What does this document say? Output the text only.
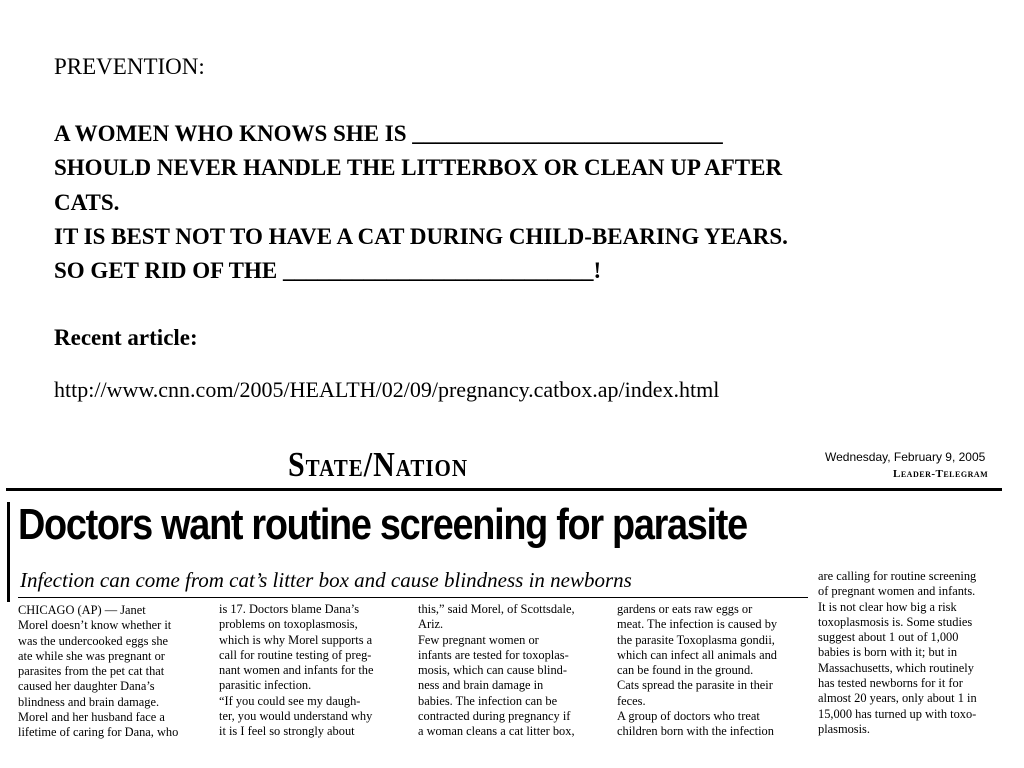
PREVENTION:
A WOMEN WHO KNOWS SHE IS ___________________________
SHOULD NEVER HANDLE THE LITTERBOX OR CLEAN UP AFTER
CATS.
IT IS BEST NOT TO HAVE A CAT DURING CHILD-BEARING YEARS.
SO GET RID OF THE ___________________________!
Recent article:
http://www.cnn.com/2005/HEALTH/02/09/pregnancy.catbox.ap/index.html
State/Nation	Wednesday, February 9, 2005
Leader-Telegram
Doctors want routine screening for parasite
Infection can come from cat’s litter box and cause blindness in newborns
CHICAGO (AP) — Janet
Morel doesn’t know whether it
was the undercooked eggs she
ate while she was pregnant or
parasites from the pet cat that
caused her daughter Dana’s
blindness and brain damage.
Morel and her husband face a
lifetime of caring for Dana, who
is 17. Doctors blame Dana’s
problems on toxoplasmosis,
which is why Morel supports a
call for routine testing of preg-
nant women and infants for the
parasitic infection.
“If you could see my daugh-
ter, you would understand why
it is I feel so strongly about
this,” said Morel, of Scottsdale,
Ariz.
Few pregnant women or
infants are tested for toxoplas-
mosis, which can cause blind-
ness and brain damage in
babies. The infection can be
contracted during pregnancy if
a woman cleans a cat litter box,
gardens or eats raw eggs or
meat. The infection is caused by
the parasite Toxoplasma gondii,
which can infect all animals and
can be found in the ground.
Cats spread the parasite in their
feces.
A group of doctors who treat
children born with the infection
are calling for routine screening
of pregnant women and infants.
It is not clear how big a risk
toxoplasmosis is. Some studies
suggest about 1 out of 1,000
babies is born with it; but in
Massachusetts, which routinely
has tested newborns for it for
almost 20 years, only about 1 in
15,000 has turned up with toxo-
plasmosis.
